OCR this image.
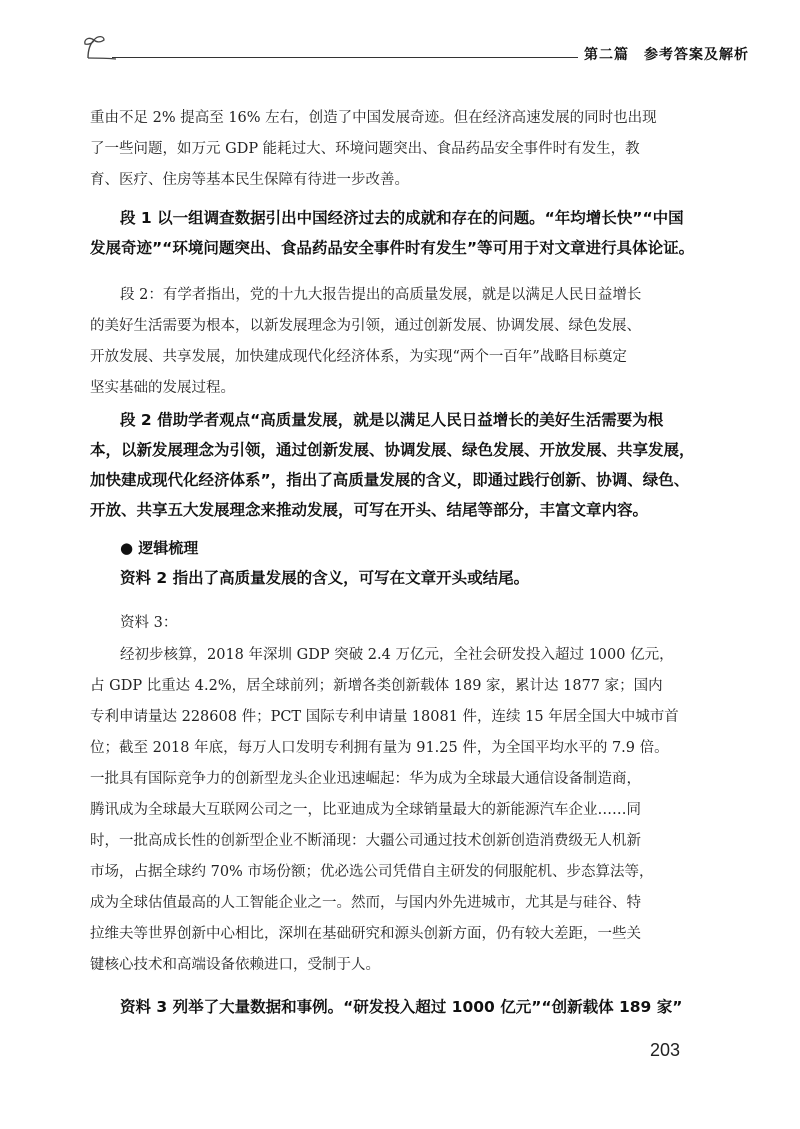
第二篇　参考答案及解析
重由不足 2% 提高至 16% 左右，创造了中国发展奇迹。但在经济高速发展的同时也出现
了一些问题，如万元 GDP 能耗过大、环境问题突出、食品药品安全事件时有发生，教
育、医疗、住房等基本民生保障有待进一步改善。
段 1 以一组调查数据引出中国经济过去的成就和存在的问题。“年均增长快”“中国
发展奇迹”“环境问题突出、食品药品安全事件时有发生”等可用于对文章进行具体论证。
段 2：有学者指出，党的十九大报告提出的高质量发展，就是以满足人民日益增长
的美好生活需要为根本，以新发展理念为引领，通过创新发展、协调发展、绿色发展、
开放发展、共享发展，加快建成现代化经济体系，为实现“两个一百年”战略目标奠定
坚实基础的发展过程。
段 2 借助学者观点“高质量发展，就是以满足人民日益增长的美好生活需要为根
本，以新发展理念为引领，通过创新发展、协调发展、绿色发展、开放发展、共享发展，
加快建成现代化经济体系”，指出了高质量发展的含义，即通过践行创新、协调、绿色、
开放、共享五大发展理念来推动发展，可写在开头、结尾等部分，丰富文章内容。
● 逻辑梳理
资料 2 指出了高质量发展的含义，可写在文章开头或结尾。
资料 3：
经初步核算，2018 年深圳 GDP 突破 2.4 万亿元，全社会研发投入超过 1000 亿元，
占 GDP 比重达 4.2%，居全球前列；新增各类创新载体 189 家，累计达 1877 家；国内
专利申请量达 228608 件；PCT 国际专利申请量 18081 件，连续 15 年居全国大中城市首
位；截至 2018 年底，每万人口发明专利拥有量为 91.25 件，为全国平均水平的 7.9 倍。
一批具有国际竞争力的创新型龙头企业迅速崛起：华为成为全球最大通信设备制造商，
腾讯成为全球最大互联网公司之一，比亚迪成为全球销量最大的新能源汽车企业……同
时，一批高成长性的创新型企业不断涌现：大疆公司通过技术创新创造消费级无人机新
市场，占据全球约 70% 市场份额；优必选公司凭借自主研发的伺服舵机、步态算法等，
成为全球估值最高的人工智能企业之一。然而，与国内外先进城市，尤其是与硅谷、特
拉维夫等世界创新中心相比，深圳在基础研究和源头创新方面，仍有较大差距，一些关
键核心技术和高端设备依赖进口，受制于人。
资料 3 列举了大量数据和事例。“研发投入超过 1000 亿元”“创新载体 189 家”
203
